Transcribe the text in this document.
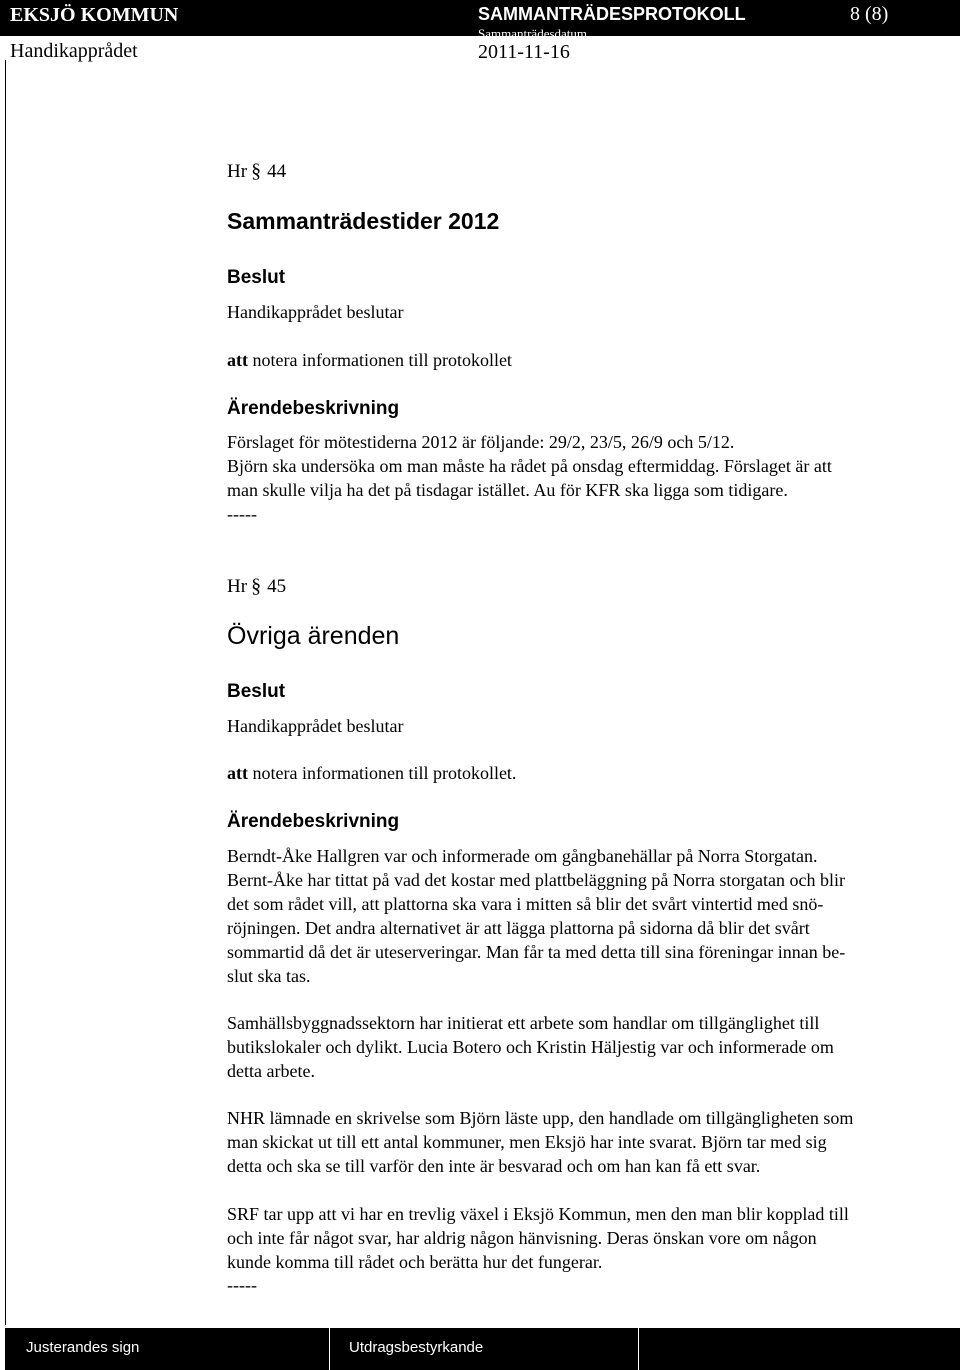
EKSJÖ KOMMUN	SAMMANTRÄDESPROTOKOLL	8 (8)
Sammanträdesdatum
Handikapprådet	2011-11-16
Hr § 44
Sammanträdestider 2012
Beslut
Handikapprådet beslutar
att notera informationen till protokollet
Ärendebeskrivning
Förslaget för mötestiderna 2012 är följande: 29/2, 23/5, 26/9 och 5/12.
Björn ska undersöka om man måste ha rådet på onsdag eftermiddag. Förslaget är att
man skulle vilja ha det på tisdagar istället. Au för KFR ska ligga som tidigare.
-----
Hr § 45
Övriga ärenden
Beslut
Handikapprådet beslutar
att notera informationen till protokollet.
Ärendebeskrivning
Berndt-Åke Hallgren var och informerade om gångbanehällar på Norra Storgatan.
Bernt-Åke har tittat på vad det kostar med plattbeläggning på Norra storgatan och blir
det som rådet vill, att plattorna ska vara i mitten så blir det svårt vintertid med snö-
röjningen. Det andra alternativet är att lägga plattorna på sidorna då blir det svårt
sommartid då det är uteserveringar. Man får ta med detta till sina föreningar innan be-
slut ska tas.
Samhällsbyggnadssektorn har initierat ett arbete som handlar om tillgänglighet till
butikslokaler och dylikt. Lucia Botero och Kristin Häljestig var och informerade om
detta arbete.
NHR lämnade en skrivelse som Björn läste upp, den handlade om tillgängligheten som
man skickat ut till ett antal kommuner, men Eksjö har inte svarat. Björn tar med sig
detta och ska se till varför den inte är besvarad och om han kan få ett svar.
SRF tar upp att vi har en trevlig växel i Eksjö Kommun, men den man blir kopplad till
och inte får något svar, har aldrig någon hänvisning. Deras önskan vore om någon
kunde komma till rådet och berätta hur det fungerar.
-----
Justerandes sign	Utdragsbestyrkande
